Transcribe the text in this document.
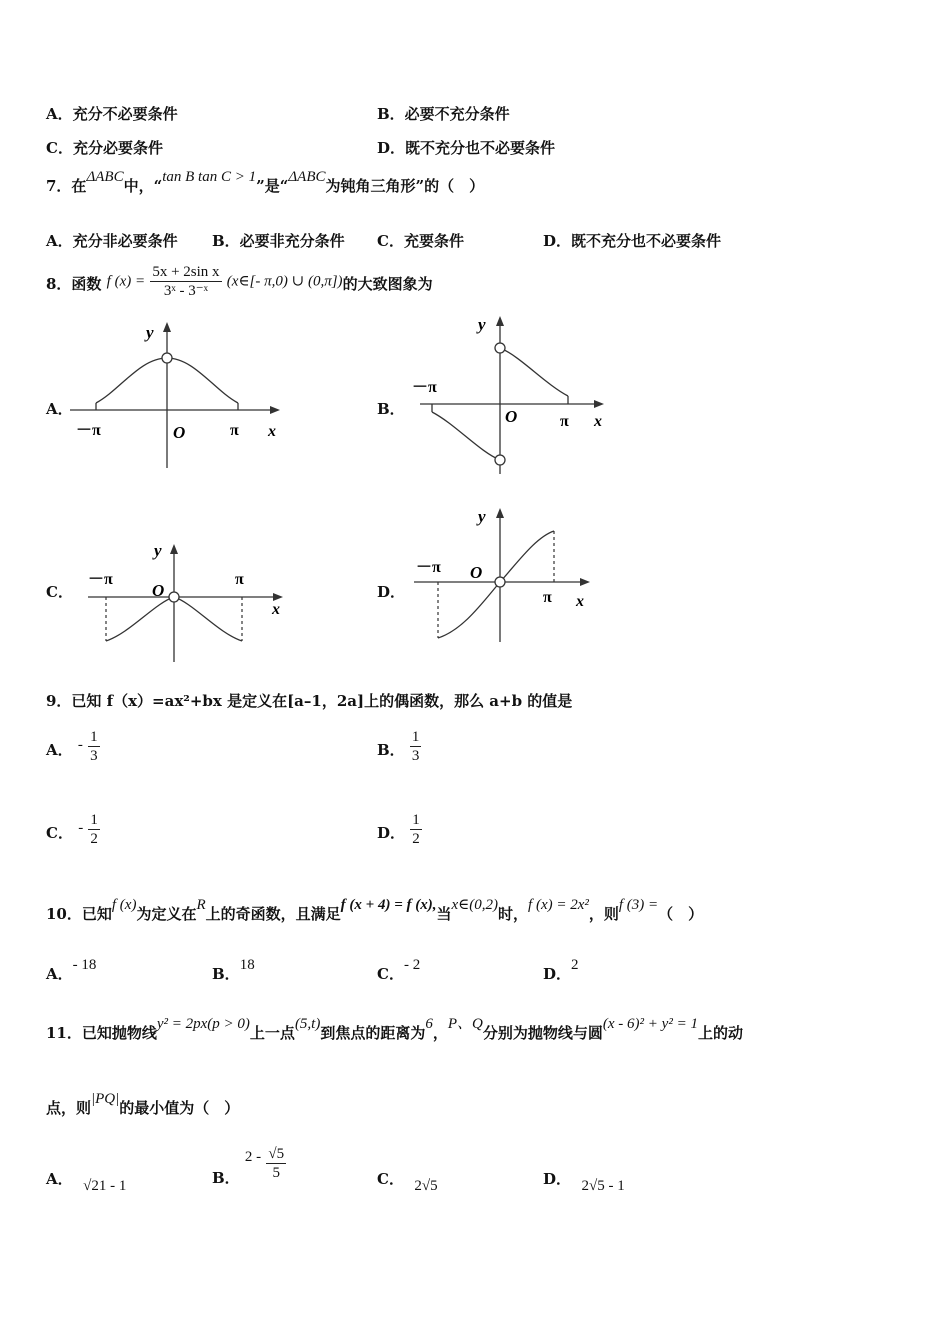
A．充分不必要条件	B．必要不充分条件
C．充分必要条件	D．既不充分也不必要条件
7．在ΔABC中，“tan B tan C > 1”是“ΔABC为钝角三角形”的（　）
A．充分非必要条件 B．必要非充分条件 C．充要条件	D．既不充分也不必要条件
8．函数 f $(x) = \frac{\text{5x + 2sin x}}{\text{3ˣ - 3⁻ˣ}}$ (x∈[- π,0) ∪ (0,π])的大致图象为
A．	B．
C．	D．
y
x
O
－π	π
y
x
O
－π
π
y
x
O
－π	π
y
x
O
－π
π
9．已知 f（x）=ax²+bx 是定义在[a–1，2a]上的偶函数，那么 a+b 的值是
A． - $\frac{1}{3}$	B． $\frac{1}{3}$
C． - $\frac{1}{2}$	D． $\frac{1}{2}$
10．已知f (x)为定义在R上的奇函数，且满足f (x + 4) = f (x),当x∈(0,2)时，f (x) = 2x²，则f (3) =（　）
A．- 18	B．18	C．- 2	D．2
11．已知抛物线y² = 2px(p > 0)上一点(5,t)到焦点的距离为6，P、Q分别为抛物线与圆(x - 6)² + y² = 1上的动
点，则|PQ|的最小值为（　）
A． √21 - 1	B． $2 - \frac{√5}{5}$	C． 2√5	D． 2√5 - 1
